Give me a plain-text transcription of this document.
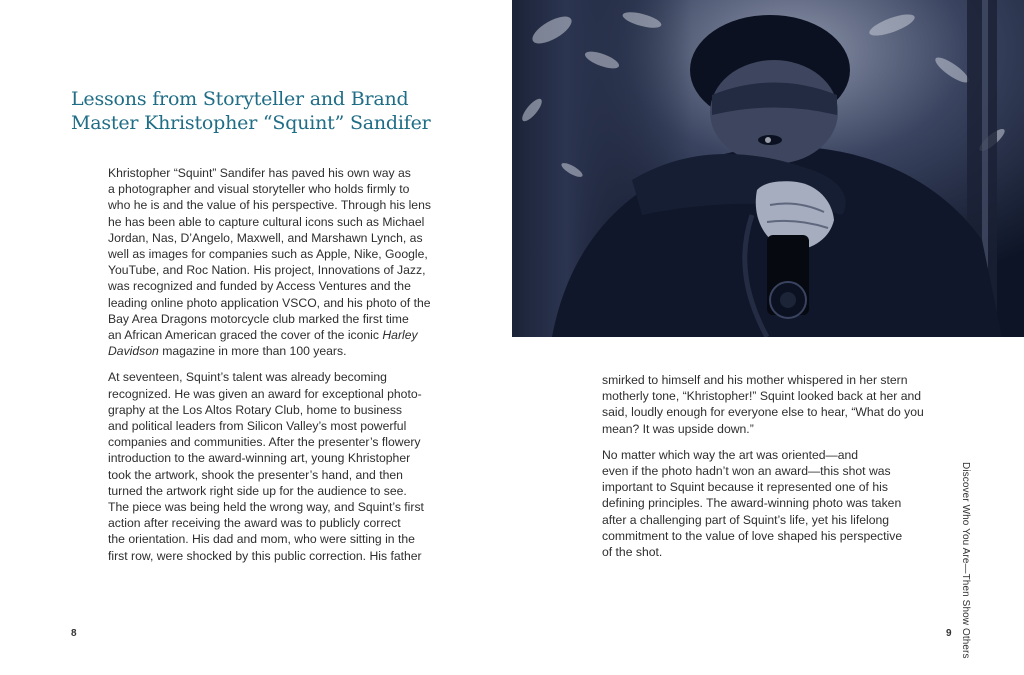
Lessons from Storyteller and Brand
Master Khristopher “Squint” Sandifer

Khristopher “Squint” Sandifer has paved his own way as
a photographer and visual storyteller who holds firmly to
who he is and the value of his perspective. Through his lens
he has been able to capture cultural icons such as Michael
Jordan, Nas, D’Angelo, Maxwell, and Marshawn Lynch, as
well as images for companies such as Apple, Nike, Google,
YouTube, and Roc Nation. His project, Innovations of Jazz,
was recognized and funded by Access Ventures and the
leading online photo application VSCO, and his photo of the
Bay Area Dragons motorcycle club marked the first time
an African American graced the cover of the iconic Harley
Davidson magazine in more than 100 years.

At seventeen, Squint’s talent was already becoming
recognized. He was given an award for exceptional photo-
graphy at the Los Altos Rotary Club, home to business
and political leaders from Silicon Valley’s most powerful
companies and communities. After the presenter’s flowery
introduction to the award-winning art, young Khristopher
took the artwork, shook the presenter’s hand, and then
turned the artwork right side up for the audience to see.
The piece was being held the wrong way, and Squint’s first
action after receiving the award was to publicly correct
the orientation. His dad and mom, who were sitting in the
first row, were shocked by this public correction. His father

8

smirked to himself and his mother whispered in her stern
motherly tone, “Khristopher!” Squint looked back at her and
said, loudly enough for everyone else to hear, “What do you
mean? It was upside down.”

No matter which way the art was oriented—and
even if the photo hadn’t won an award—this shot was
important to Squint because it represented one of his
defining principles. The award-winning photo was taken
after a challenging part of Squint’s life, yet his lifelong
commitment to the value of love shaped his perspective
of the shot.	Discover Who You Are—Then Show Others
9
